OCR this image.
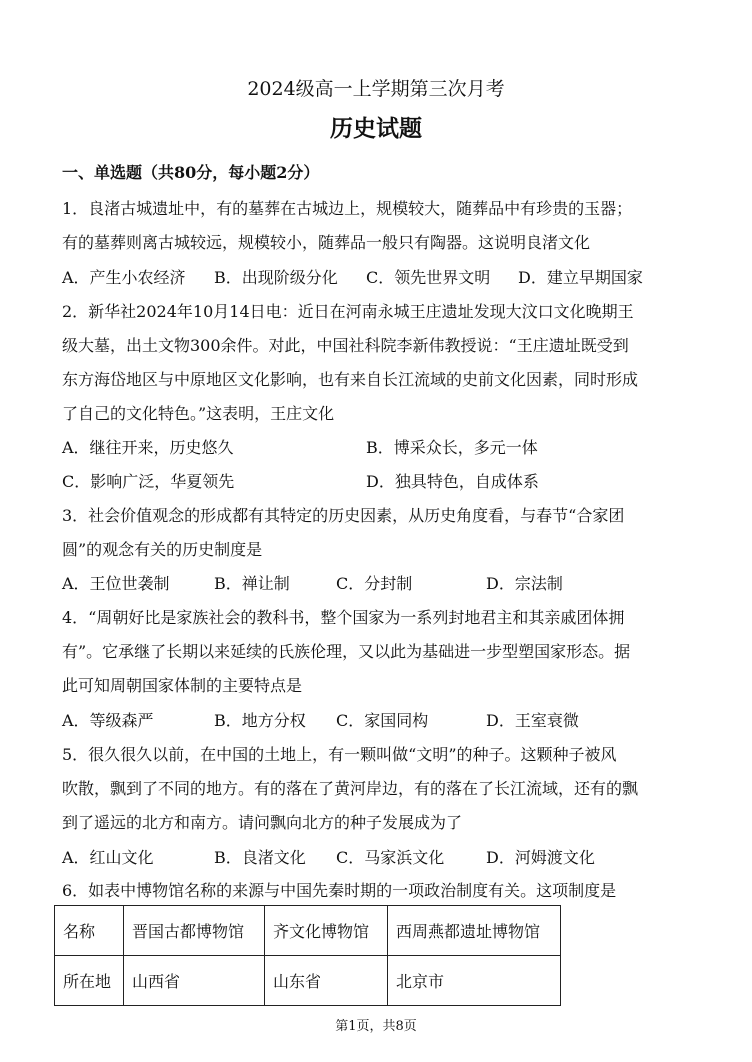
2024级高一上学期第三次月考
历史试题
一、单选题（共80分，每小题2分）
1．良渚古城遗址中，有的墓葬在古城边上，规模较大，随葬品中有珍贵的玉器；
有的墓葬则离古城较远，规模较小，随葬品一般只有陶器。这说明良渚文化
A．产生小农经济 B．出现阶级分化 C．领先世界文明 D．建立早期国家
2．新华社2024年10月14日电：近日在河南永城王庄遗址发现大汶口文化晚期王
级大墓，出土文物300余件。对此，中国社科院李新伟教授说：“王庄遗址既受到
东方海岱地区与中原地区文化影响，也有来自长江流域的史前文化因素，同时形成
了自己的文化特色。”这表明，王庄文化
A．继往开来，历史悠久	B．博采众长，多元一体
C．影响广泛，华夏领先	D．独具特色，自成体系
3．社会价值观念的形成都有其特定的历史因素，从历史角度看，与春节“合家团
圆”的观念有关的历史制度是
A．王位世袭制	B．禅让制	C．分封制	D．宗法制
4．“周朝好比是家族社会的教科书，整个国家为一系列封地君主和其亲戚团体拥
有”。它承继了长期以来延续的氏族伦理，又以此为基础进一步型塑国家形态。据
此可知周朝国家体制的主要特点是
A．等级森严	B．地方分权 C．家国同构	D．王室衰微
5．很久很久以前，在中国的土地上，有一颗叫做“文明”的种子。这颗种子被风
吹散，飘到了不同的地方。有的落在了黄河岸边，有的落在了长江流域，还有的飘
到了遥远的北方和南方。请问飘向北方的种子发展成为了
A．红山文化	B．良渚文化 C．马家浜文化	D．河姆渡文化
6．如表中博物馆名称的来源与中国先秦时期的一项政治制度有关。这项制度是
名称	晋国古都博物馆	齐文化博物馆	西周燕都遗址博物馆
所在地	山西省	山东省	北京市
第1页，共8页
